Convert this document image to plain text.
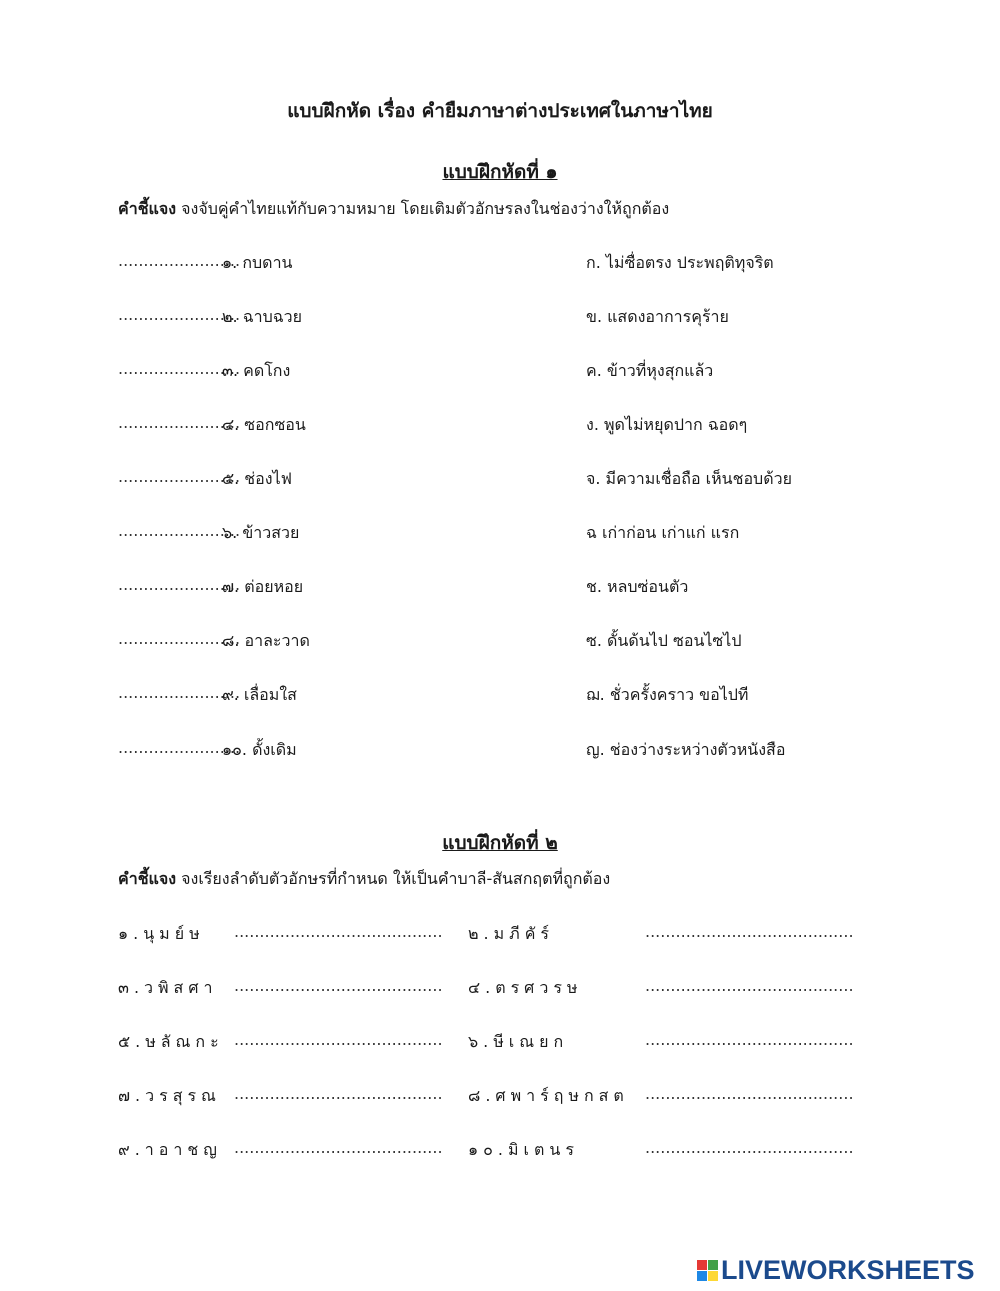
แบบฝึกหัด เรื่อง คำยืมภาษาต่างประเทศในภาษาไทย
แบบฝึกหัดที่ ๑
คำชี้แจง จงจับคู่คำไทยแท้กับความหมาย โดยเติมตัวอักษรลงในช่องว่างให้ถูกต้อง
........................
๑. กบดาน	ก. ไม่ซื่อตรง ประพฤติทุจริต
........................
๒. ฉาบฉวย	ข. แสดงอาการคุร้าย
........................
๓. คดโกง	ค. ข้าวที่หุงสุกแล้ว
........................
๔. ซอกซอน	ง. พูดไม่หยุดปาก ฉอดๆ
........................
๕. ช่องไฟ	จ. มีความเชื่อถือ เห็นชอบด้วย
........................
๖. ข้าวสวย	ฉ เก่าก่อน เก่าแก่ แรก
........................
๗. ต่อยหอย	ช. หลบซ่อนตัว
........................
๘. อาละวาด	ซ. ดั้นด้นไป ซอนไซไป
........................
๙. เลื่อมใส	ฌ. ชั่วครั้งคราว ขอไปที
........................
๑๐. ดั้งเดิม	ญ. ช่องว่างระหว่างตัวหนังสือ
แบบฝึกหัดที่ ๒
คำชี้แจง จงเรียงลำดับตัวอักษรที่กำหนด ให้เป็นคำบาลี-สันสกฤตที่ถูกต้อง
๑.นุมย์ษ ......................................... ๒.มภีคัร์	.........................................
๓.วพิสศา ......................................... ๔.ตรศวรษ	.........................................
๕.ษลัณกะ ......................................... ๖.ษีเณยก	.........................................
๗.วรสุรณ ......................................... ๘.ศพาร์ฤษกสต .........................................
๙.าอาชญ ......................................... ๑๐.มิเตนร	.........................................
LIVEWORKSHEETS
